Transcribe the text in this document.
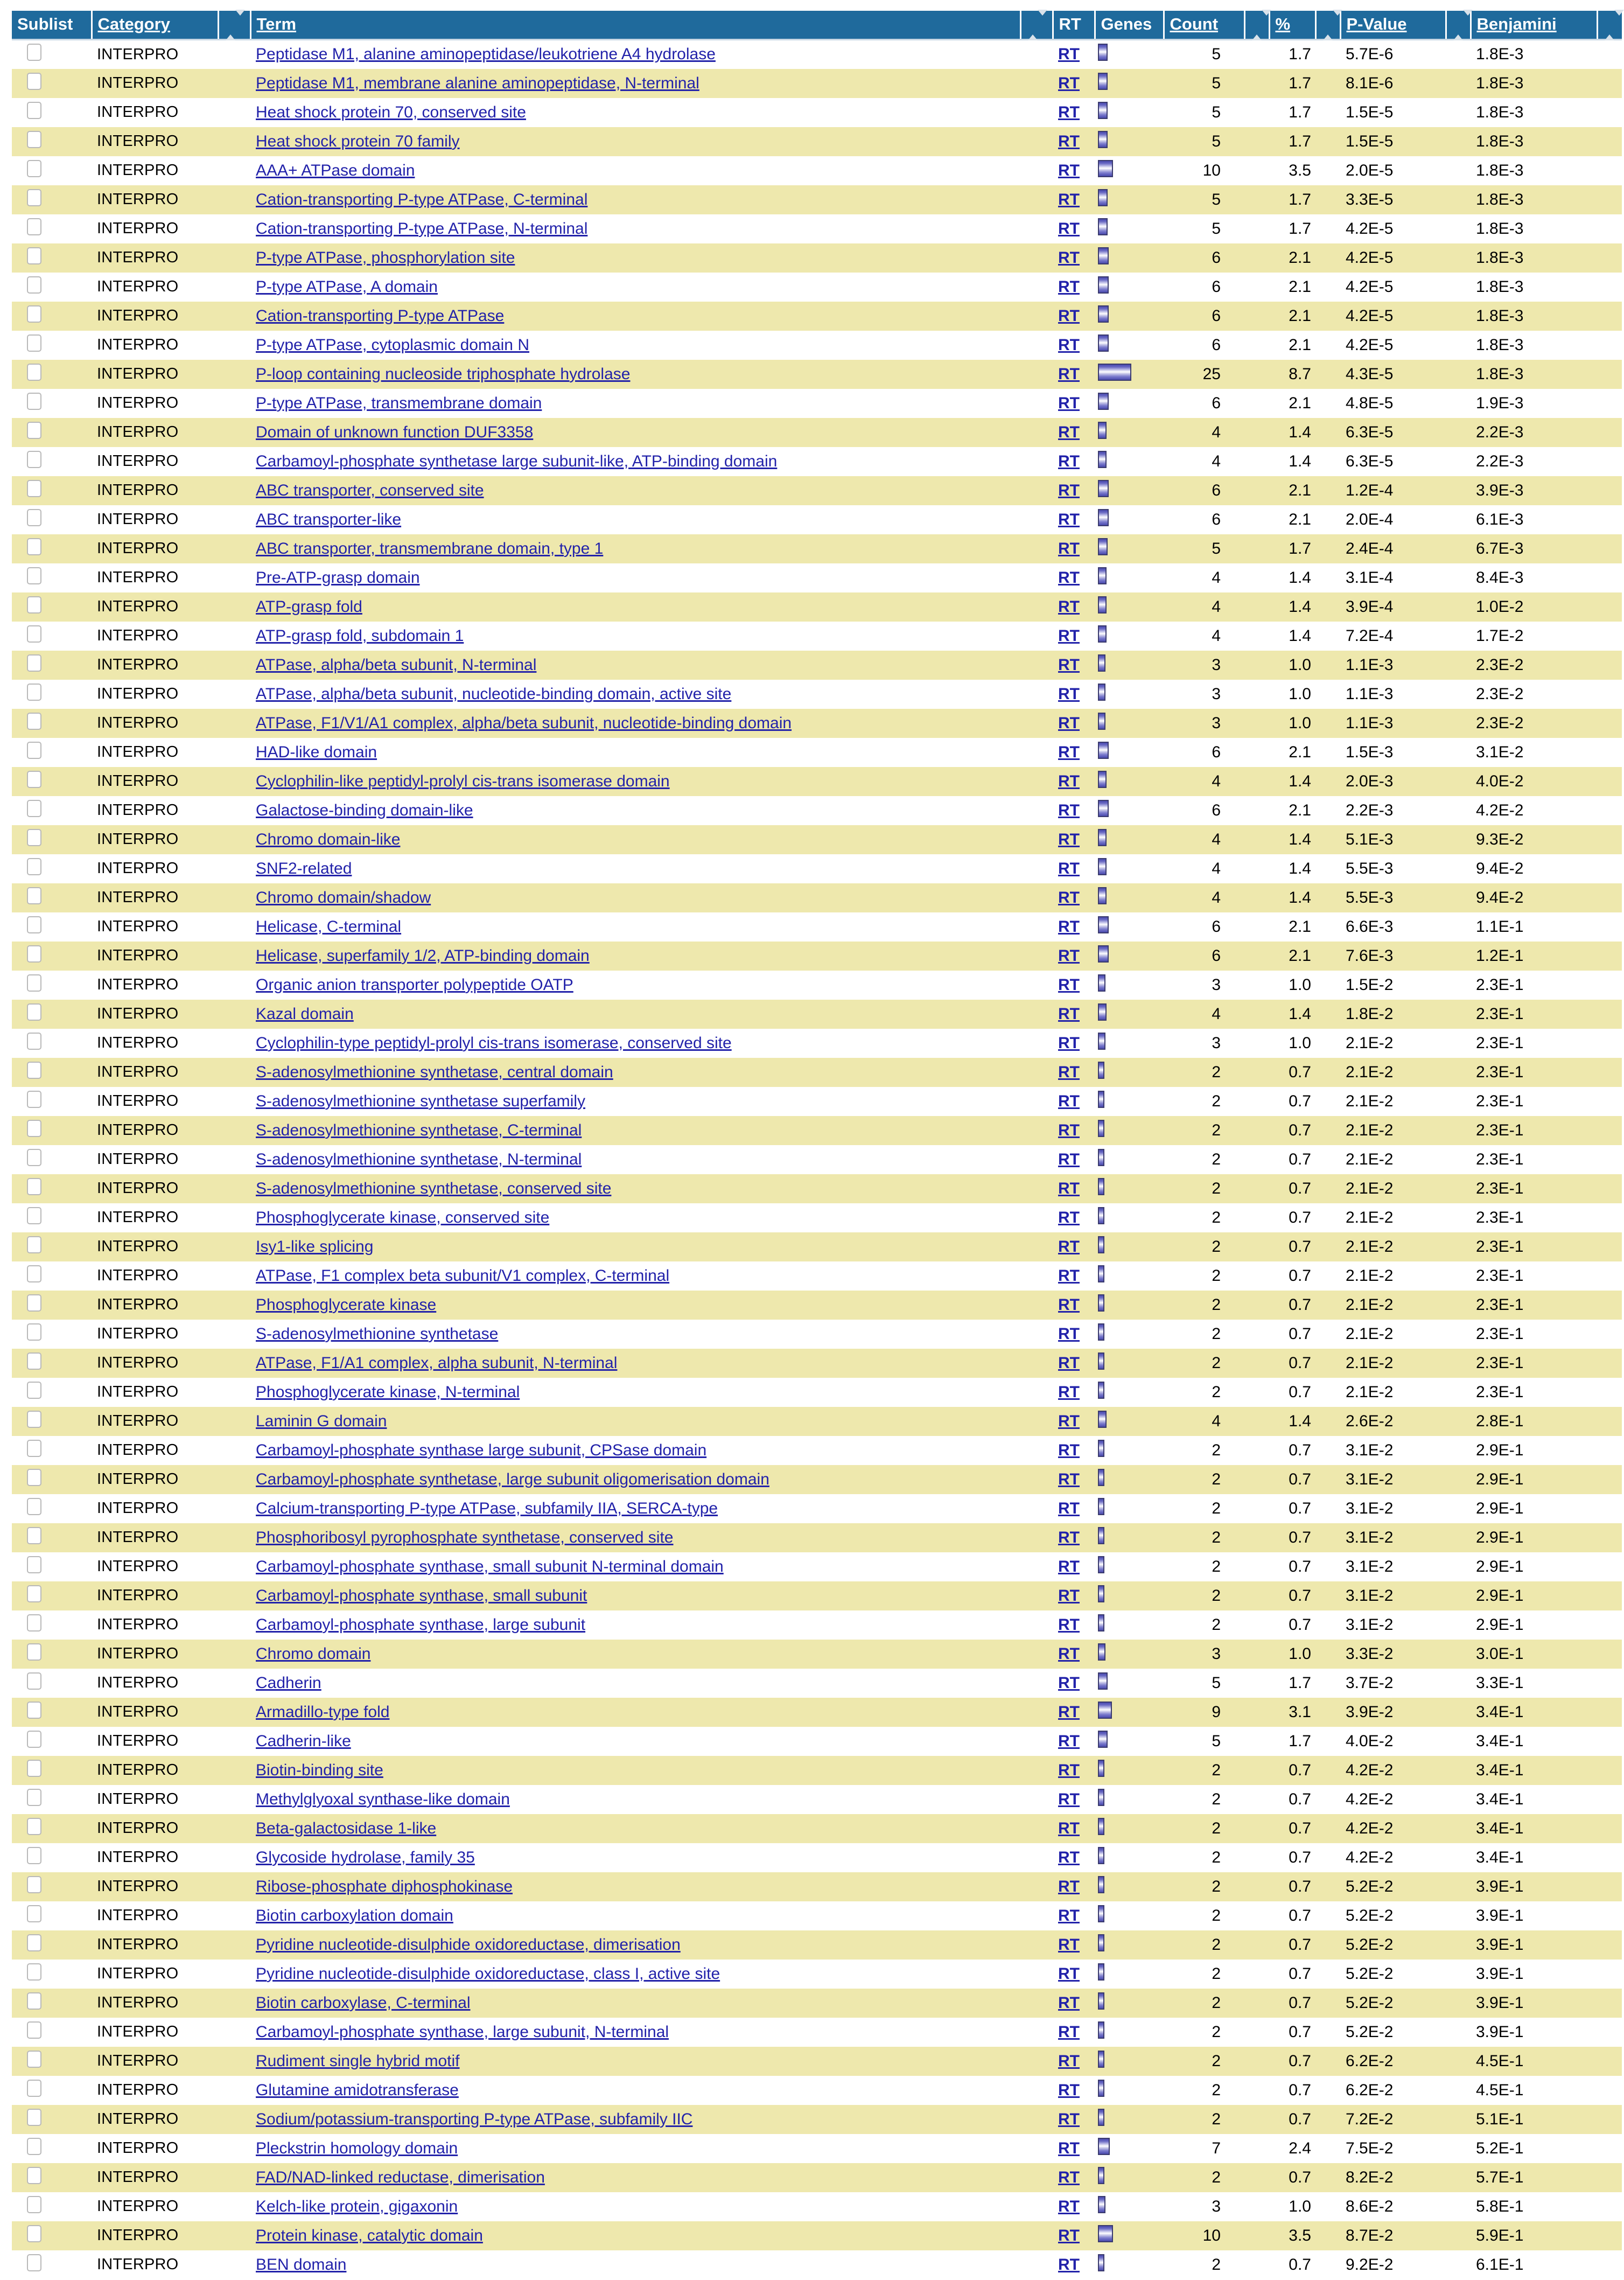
Sublist	Category		Term		RT	Genes	Count		%		P-Value		Benjamini	
	INTERPRO		Peptidase M1, alanine aminopeptidase/leukotriene A4 hydrolase		RT		5		1.7		5.7E-6		1.8E-3	
	INTERPRO		Peptidase M1, membrane alanine aminopeptidase, N-terminal		RT		5		1.7		8.1E-6		1.8E-3	
	INTERPRO		Heat shock protein 70, conserved site		RT		5		1.7		1.5E-5		1.8E-3	
	INTERPRO		Heat shock protein 70 family		RT		5		1.7		1.5E-5		1.8E-3	
	INTERPRO		AAA+ ATPase domain		RT		10		3.5		2.0E-5		1.8E-3	
	INTERPRO		Cation-transporting P-type ATPase, C-terminal		RT		5		1.7		3.3E-5		1.8E-3	
	INTERPRO		Cation-transporting P-type ATPase, N-terminal		RT		5		1.7		4.2E-5		1.8E-3	
	INTERPRO		P-type ATPase, phosphorylation site		RT		6		2.1		4.2E-5		1.8E-3	
	INTERPRO		P-type ATPase, A domain		RT		6		2.1		4.2E-5		1.8E-3	
	INTERPRO		Cation-transporting P-type ATPase		RT		6		2.1		4.2E-5		1.8E-3	
	INTERPRO		P-type ATPase, cytoplasmic domain N		RT		6		2.1		4.2E-5		1.8E-3	
	INTERPRO		P-loop containing nucleoside triphosphate hydrolase		RT		25		8.7		4.3E-5		1.8E-3	
	INTERPRO		P-type ATPase, transmembrane domain		RT		6		2.1		4.8E-5		1.9E-3	
	INTERPRO		Domain of unknown function DUF3358		RT		4		1.4		6.3E-5		2.2E-3	
	INTERPRO		Carbamoyl-phosphate synthetase large subunit-like, ATP-binding domain		RT		4		1.4		6.3E-5		2.2E-3	
	INTERPRO		ABC transporter, conserved site		RT		6		2.1		1.2E-4		3.9E-3	
	INTERPRO		ABC transporter-like		RT		6		2.1		2.0E-4		6.1E-3	
	INTERPRO		ABC transporter, transmembrane domain, type 1		RT		5		1.7		2.4E-4		6.7E-3	
	INTERPRO		Pre-ATP-grasp domain		RT		4		1.4		3.1E-4		8.4E-3	
	INTERPRO		ATP-grasp fold		RT		4		1.4		3.9E-4		1.0E-2	
	INTERPRO		ATP-grasp fold, subdomain 1		RT		4		1.4		7.2E-4		1.7E-2	
	INTERPRO		ATPase, alpha/beta subunit, N-terminal		RT		3		1.0		1.1E-3		2.3E-2	
	INTERPRO		ATPase, alpha/beta subunit, nucleotide-binding domain, active site		RT		3		1.0		1.1E-3		2.3E-2	
	INTERPRO		ATPase, F1/V1/A1 complex, alpha/beta subunit, nucleotide-binding domain		RT		3		1.0		1.1E-3		2.3E-2	
	INTERPRO		HAD-like domain		RT		6		2.1		1.5E-3		3.1E-2	
	INTERPRO		Cyclophilin-like peptidyl-prolyl cis-trans isomerase domain		RT		4		1.4		2.0E-3		4.0E-2	
	INTERPRO		Galactose-binding domain-like		RT		6		2.1		2.2E-3		4.2E-2	
	INTERPRO		Chromo domain-like		RT		4		1.4		5.1E-3		9.3E-2	
	INTERPRO		SNF2-related		RT		4		1.4		5.5E-3		9.4E-2	
	INTERPRO		Chromo domain/shadow		RT		4		1.4		5.5E-3		9.4E-2	
	INTERPRO		Helicase, C-terminal		RT		6		2.1		6.6E-3		1.1E-1	
	INTERPRO		Helicase, superfamily 1/2, ATP-binding domain		RT		6		2.1		7.6E-3		1.2E-1	
	INTERPRO		Organic anion transporter polypeptide OATP		RT		3		1.0		1.5E-2		2.3E-1	
	INTERPRO		Kazal domain		RT		4		1.4		1.8E-2		2.3E-1	
	INTERPRO		Cyclophilin-type peptidyl-prolyl cis-trans isomerase, conserved site		RT		3		1.0		2.1E-2		2.3E-1	
	INTERPRO		S-adenosylmethionine synthetase, central domain		RT		2		0.7		2.1E-2		2.3E-1	
	INTERPRO		S-adenosylmethionine synthetase superfamily		RT		2		0.7		2.1E-2		2.3E-1	
	INTERPRO		S-adenosylmethionine synthetase, C-terminal		RT		2		0.7		2.1E-2		2.3E-1	
	INTERPRO		S-adenosylmethionine synthetase, N-terminal		RT		2		0.7		2.1E-2		2.3E-1	
	INTERPRO		S-adenosylmethionine synthetase, conserved site		RT		2		0.7		2.1E-2		2.3E-1	
	INTERPRO		Phosphoglycerate kinase, conserved site		RT		2		0.7		2.1E-2		2.3E-1	
	INTERPRO		Isy1-like splicing		RT		2		0.7		2.1E-2		2.3E-1	
	INTERPRO		ATPase, F1 complex beta subunit/V1 complex, C-terminal		RT		2		0.7		2.1E-2		2.3E-1	
	INTERPRO		Phosphoglycerate kinase		RT		2		0.7		2.1E-2		2.3E-1	
	INTERPRO		S-adenosylmethionine synthetase		RT		2		0.7		2.1E-2		2.3E-1	
	INTERPRO		ATPase, F1/A1 complex, alpha subunit, N-terminal		RT		2		0.7		2.1E-2		2.3E-1	
	INTERPRO		Phosphoglycerate kinase, N-terminal		RT		2		0.7		2.1E-2		2.3E-1	
	INTERPRO		Laminin G domain		RT		4		1.4		2.6E-2		2.8E-1	
	INTERPRO		Carbamoyl-phosphate synthase large subunit, CPSase domain		RT		2		0.7		3.1E-2		2.9E-1	
	INTERPRO		Carbamoyl-phosphate synthetase, large subunit oligomerisation domain		RT		2		0.7		3.1E-2		2.9E-1	
	INTERPRO		Calcium-transporting P-type ATPase, subfamily IIA, SERCA-type		RT		2		0.7		3.1E-2		2.9E-1	
	INTERPRO		Phosphoribosyl pyrophosphate synthetase, conserved site		RT		2		0.7		3.1E-2		2.9E-1	
	INTERPRO		Carbamoyl-phosphate synthase, small subunit N-terminal domain		RT		2		0.7		3.1E-2		2.9E-1	
	INTERPRO		Carbamoyl-phosphate synthase, small subunit		RT		2		0.7		3.1E-2		2.9E-1	
	INTERPRO		Carbamoyl-phosphate synthase, large subunit		RT		2		0.7		3.1E-2		2.9E-1	
	INTERPRO		Chromo domain		RT		3		1.0		3.3E-2		3.0E-1	
	INTERPRO		Cadherin		RT		5		1.7		3.7E-2		3.3E-1	
	INTERPRO		Armadillo-type fold		RT		9		3.1		3.9E-2		3.4E-1	
	INTERPRO		Cadherin-like		RT		5		1.7		4.0E-2		3.4E-1	
	INTERPRO		Biotin-binding site		RT		2		0.7		4.2E-2		3.4E-1	
	INTERPRO		Methylglyoxal synthase-like domain		RT		2		0.7		4.2E-2		3.4E-1	
	INTERPRO		Beta-galactosidase 1-like		RT		2		0.7		4.2E-2		3.4E-1	
	INTERPRO		Glycoside hydrolase, family 35		RT		2		0.7		4.2E-2		3.4E-1	
	INTERPRO		Ribose-phosphate diphosphokinase		RT		2		0.7		5.2E-2		3.9E-1	
	INTERPRO		Biotin carboxylation domain		RT		2		0.7		5.2E-2		3.9E-1	
	INTERPRO		Pyridine nucleotide-disulphide oxidoreductase, dimerisation		RT		2		0.7		5.2E-2		3.9E-1	
	INTERPRO		Pyridine nucleotide-disulphide oxidoreductase, class I, active site		RT		2		0.7		5.2E-2		3.9E-1	
	INTERPRO		Biotin carboxylase, C-terminal		RT		2		0.7		5.2E-2		3.9E-1	
	INTERPRO		Carbamoyl-phosphate synthase, large subunit, N-terminal		RT		2		0.7		5.2E-2		3.9E-1	
	INTERPRO		Rudiment single hybrid motif		RT		2		0.7		6.2E-2		4.5E-1	
	INTERPRO		Glutamine amidotransferase		RT		2		0.7		6.2E-2		4.5E-1	
	INTERPRO		Sodium/potassium-transporting P-type ATPase, subfamily IIC		RT		2		0.7		7.2E-2		5.1E-1	
	INTERPRO		Pleckstrin homology domain		RT		7		2.4		7.5E-2		5.2E-1	
	INTERPRO		FAD/NAD-linked reductase, dimerisation		RT		2		0.7		8.2E-2		5.7E-1	
	INTERPRO		Kelch-like protein, gigaxonin		RT		3		1.0		8.6E-2		5.8E-1	
	INTERPRO		Protein kinase, catalytic domain		RT		10		3.5		8.7E-2		5.9E-1	
	INTERPRO		BEN domain		RT		2		0.7		9.2E-2		6.1E-1	
